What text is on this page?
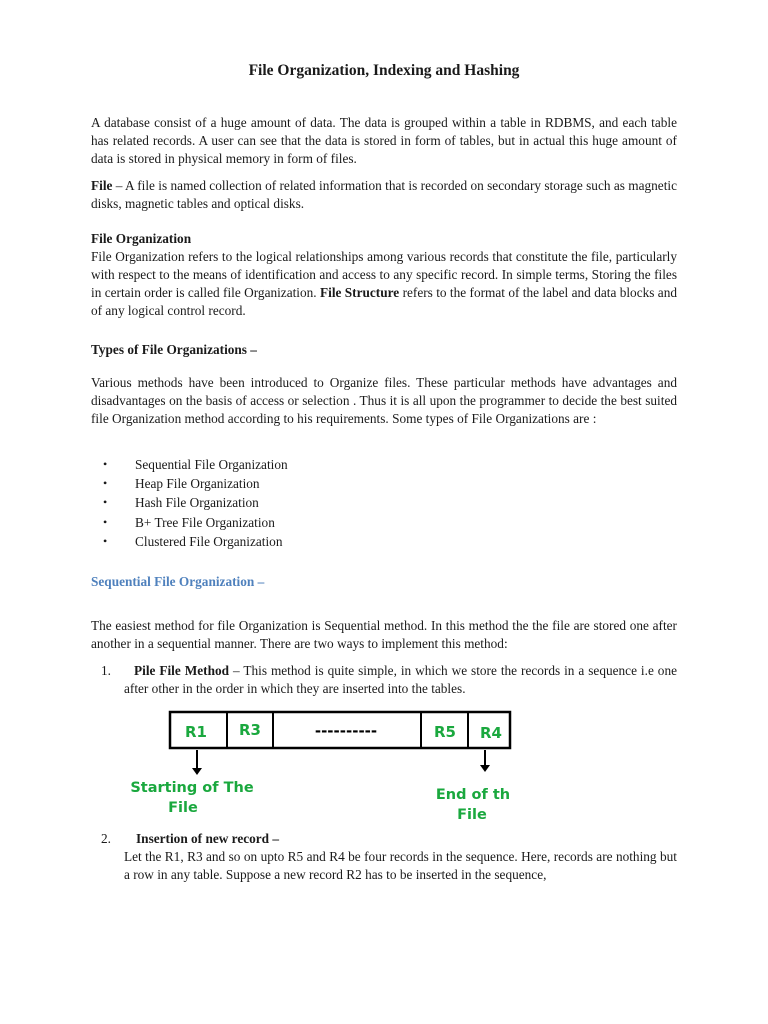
File Organization, Indexing and Hashing
A database consist of a huge amount of data. The data is grouped within a table in RDBMS, and each table has related records. A user can see that the data is stored in form of tables, but in actual this huge amount of data is stored in physical memory in form of files.
File – A file is named collection of related information that is recorded on secondary storage such as magnetic disks, magnetic tables and optical disks.
File Organization
File Organization refers to the logical relationships among various records that constitute the file, particularly with respect to the means of identification and access to any specific record. In simple terms, Storing the files in certain order is called file Organization. File Structure refers to the format of the label and data blocks and of any logical control record.
Types of File Organizations –
Various methods have been introduced to Organize files. These particular methods have advantages and disadvantages on the basis of access or selection . Thus it is all upon the programmer to decide the best suited file Organization method according to his requirements. Some types of File Organizations are :
• Sequential File Organization
• Heap File Organization
• Hash File Organization
• B+ Tree File Organization
• Clustered File Organization
Sequential File Organization –
The easiest method for file Organization is Sequential method. In this method the the file are stored one after another in a sequential manner. There are two ways to implement this method:
1.	Pile File Method – This method is quite simple, in which we store the records in a sequence i.e one after other in the order in which they are inserted into the tables.
R1 R3	----------	R5 R4
Starting of The
File
End of th
File
2. Insertion of new record –
Let the R1, R3 and so on upto R5 and R4 be four records in the sequence. Here, records are nothing but a row in any table. Suppose a new record R2 has to be inserted in the sequence,
